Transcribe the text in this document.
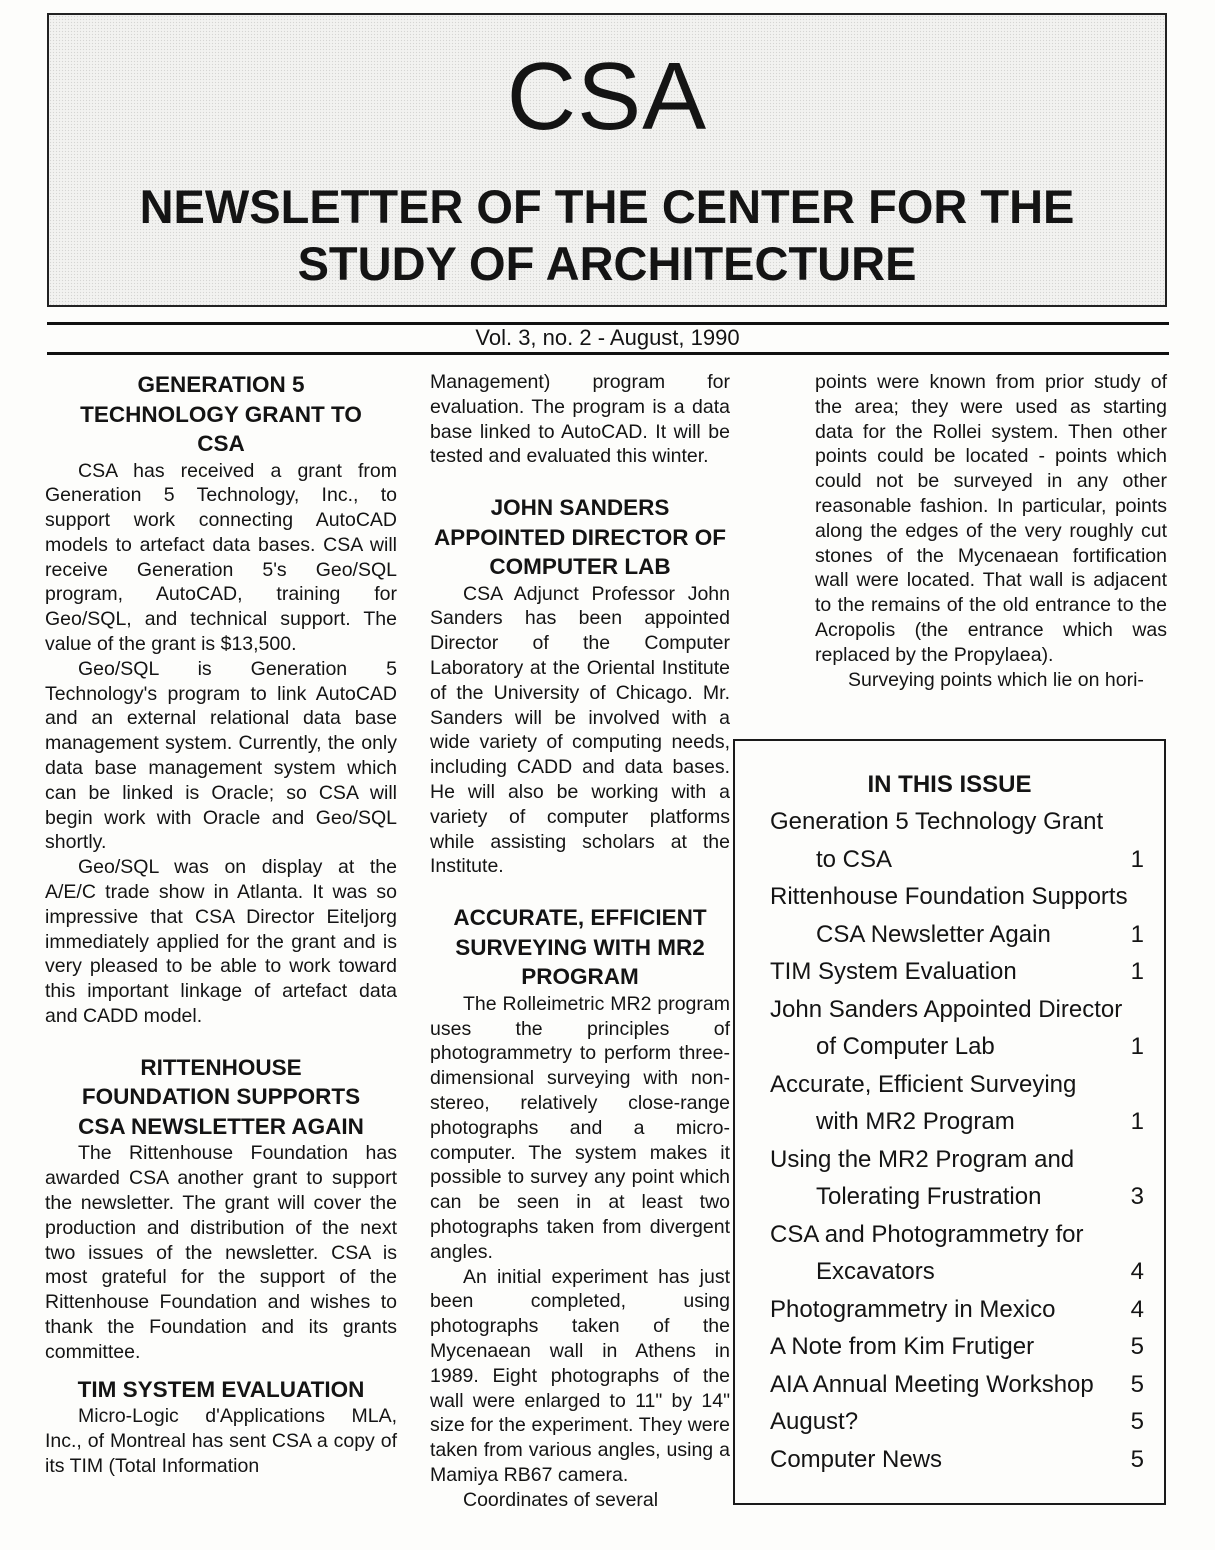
CSA
NEWSLETTER OF THE CENTER FOR THE
STUDY OF ARCHITECTURE
Vol. 3, no. 2 - August, 1990
GENERATION 5
TECHNOLOGY GRANT TO
CSA

CSA has received a grant from Generation 5 Technology, Inc., to support work connecting AutoCAD models to artefact data bases. CSA will receive Generation 5's Geo/SQL program, AutoCAD, training for Geo/SQL, and technical support. The value of the grant is $13,500.

Geo/SQL is Generation 5 Technology's program to link AutoCAD and an external relational data base management system. Currently, the only data base management system which can be linked is Oracle; so CSA will begin work with Oracle and Geo/SQL shortly.

Geo/SQL was on display at the A/E/C trade show in Atlanta. It was so impressive that CSA Director Eiteljorg immediately applied for the grant and is very pleased to be able to work toward this important linkage of artefact data and CADD model.

RITTENHOUSE
FOUNDATION SUPPORTS
CSA NEWSLETTER AGAIN

The Rittenhouse Foundation has awarded CSA another grant to support the newsletter. The grant will cover the production and distribution of the next two issues of the newsletter. CSA is most grateful for the support of the Rittenhouse Foundation and wishes to thank the Foundation and its grants committee.

TIM SYSTEM EVALUATION

Micro-Logic d'Applications MLA, Inc., of Montreal has sent CSA a copy of its TIM (Total Information

Management) program for evaluation. The program is a data base linked to AutoCAD. It will be tested and evaluated this winter.

JOHN SANDERS
APPOINTED DIRECTOR OF
COMPUTER LAB

CSA Adjunct Professor John Sanders has been appointed Director of the Computer Laboratory at the Oriental Institute of the University of Chicago. Mr. Sanders will be involved with a wide variety of computing needs, including CADD and data bases. He will also be working with a variety of computer platforms while assisting scholars at the Institute.

ACCURATE, EFFICIENT
SURVEYING WITH MR2
PROGRAM

The Rolleimetric MR2 program uses the principles of photogrammetry to perform three-dimensional surveying with non-stereo, relatively close-range photographs and a micro-computer. The system makes it possible to survey any point which can be seen in at least two photographs taken from divergent angles.

An initial experiment has just been completed, using photographs taken of the Mycenaean wall in Athens in 1989. Eight photographs of the wall were enlarged to 11" by 14" size for the experiment. They were taken from various angles, using a Mamiya RB67 camera.

Coordinates of several

points were known from prior study of the area; they were used as starting data for the Rollei system. Then other points could be located - points which could not be surveyed in any other reasonable fashion. In particular, points along the edges of the very roughly cut stones of the Mycenaean fortification wall were located. That wall is adjacent to the remains of the old entrance to the Acropolis (the entrance which was replaced by the Propylaea).

Surveying points which lie on hori-

IN THIS ISSUE
Generation 5 Technology Grant
to CSA	1
Rittenhouse Foundation Supports
CSA Newsletter Again	1
TIM System Evaluation	1
John Sanders Appointed Director
of Computer Lab	1
Accurate, Efficient Surveying
with MR2 Program	1
Using the MR2 Program and
Tolerating Frustration	3
CSA and Photogrammetry for
Excavators	4
Photogrammetry in Mexico	4
A Note from Kim Frutiger	5
AIA Annual Meeting Workshop 5
August?	5
Computer News	5
